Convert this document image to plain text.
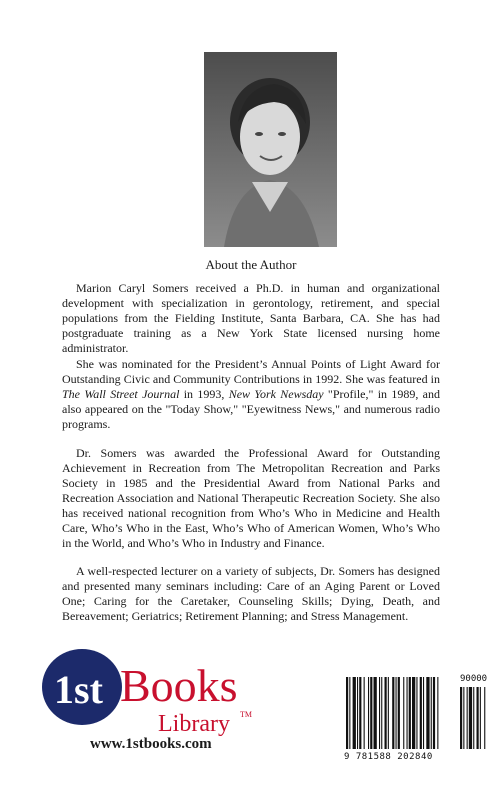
About the Author

Marion Caryl Somers received a Ph.D. in human and organizational development with specialization in gerontology, retirement, and special populations from the Fielding Institute, Santa Barbara, CA. She has had postgraduate training as a New York State licensed nursing home administrator.

She was nominated for the President’s Annual Points of Light Award for Outstanding Civic and Community Contributions in 1992. She was featured in The Wall Street Journal in 1993, New York Newsday "Profile," in 1989, and also appeared on the "Today Show," "Eyewitness News," and numerous radio programs.

Dr. Somers was awarded the Professional Award for Outstanding Achievement in Recreation from The Metropolitan Recreation and Parks Society in 1985 and the Presidential Award from National Parks and Recreation Association and National Therapeutic Recreation Society. She also has received national recognition from Who’s Who in Medicine and Health Care, Who’s Who in the East, Who’s Who of American Women, Who’s Who in the World, and Who’s Who in Industry and Finance.

A well-respected lecturer on a variety of subjects, Dr. Somers has designed and presented many seminars including: Care of an Aging Parent or Loved One; Caring for the Caretaker, Counseling Skills; Dying, Death, and Bereavement; Geriatrics; Retirement Planning; and Stress Management.

1st Books
Library TM
www.1stbooks.com
90000
9 781588 202840
